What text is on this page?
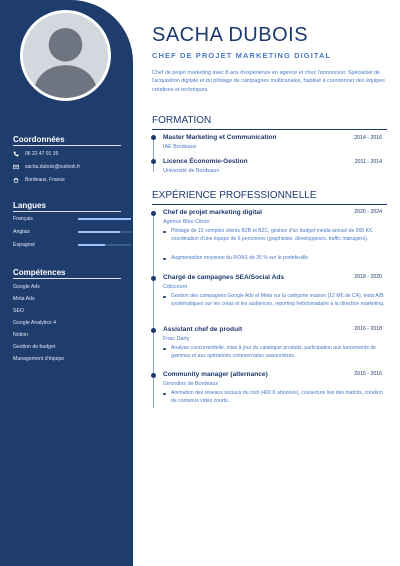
Coordonnées
06 22 47 91 35
sacha.dubois@outlook.fr
Bordeaux, France
Langues
Français
Anglais
Espagnol
Compétences
Google Ads
Meta Ads
SEO
Google Analytics 4
Notion
Gestion de budget
Management d'équipe
SACHA DUBOIS
CHEF DE PROJET MARKETING DIGITAL
Chef de projet marketing avec 8 ans d'expérience en agence et chez l'annonceur. Spécialisé de l'acquisition digitale et du pilotage de campagnes multicanales, habitué à coordonner des équipes créatives et techniques.
FORMATION
Master Marketing et Communication	2014 - 2016
IAE Bordeaux
Licence Économie-Gestion	2011 - 2014
Université de Bordeaux
EXPÉRIENCE PROFESSIONNELLE
Chef de projet marketing digital	2020 - 2024
Agence Bleu Citron
Pilotage de 15 comptes clients B2B et B2C, gestion d'un budget média annuel de 900 K€, coordination d'une équipe de 6 personnes (graphistes, développeurs, traffic managers).
Augmentation moyenne du ROAS de 35 % sur le portefeuille.
Chargé de campagnes SEA/Social Ads	2018 - 2020
Cdiscount
Gestion des campagnes Google Ads et Meta sur la catégorie maison (12 M€ de CA), tests A/B systématiques sur les créas et les audiences, reporting hebdomadaire à la direction marketing.
Assistant chef de produit	2016 - 2018
Fnac Darty
Analyse concurrentielle, mise à jour du catalogue produits, participation aux lancements de gammes et aux opérations commerciales saisonnières.
Community manager (alternance)	2015 - 2016
Girondins de Bordeaux
Animation des réseaux sociaux du club (400 K abonnés), couverture live des matchs, création de contenus vidéo courts.
